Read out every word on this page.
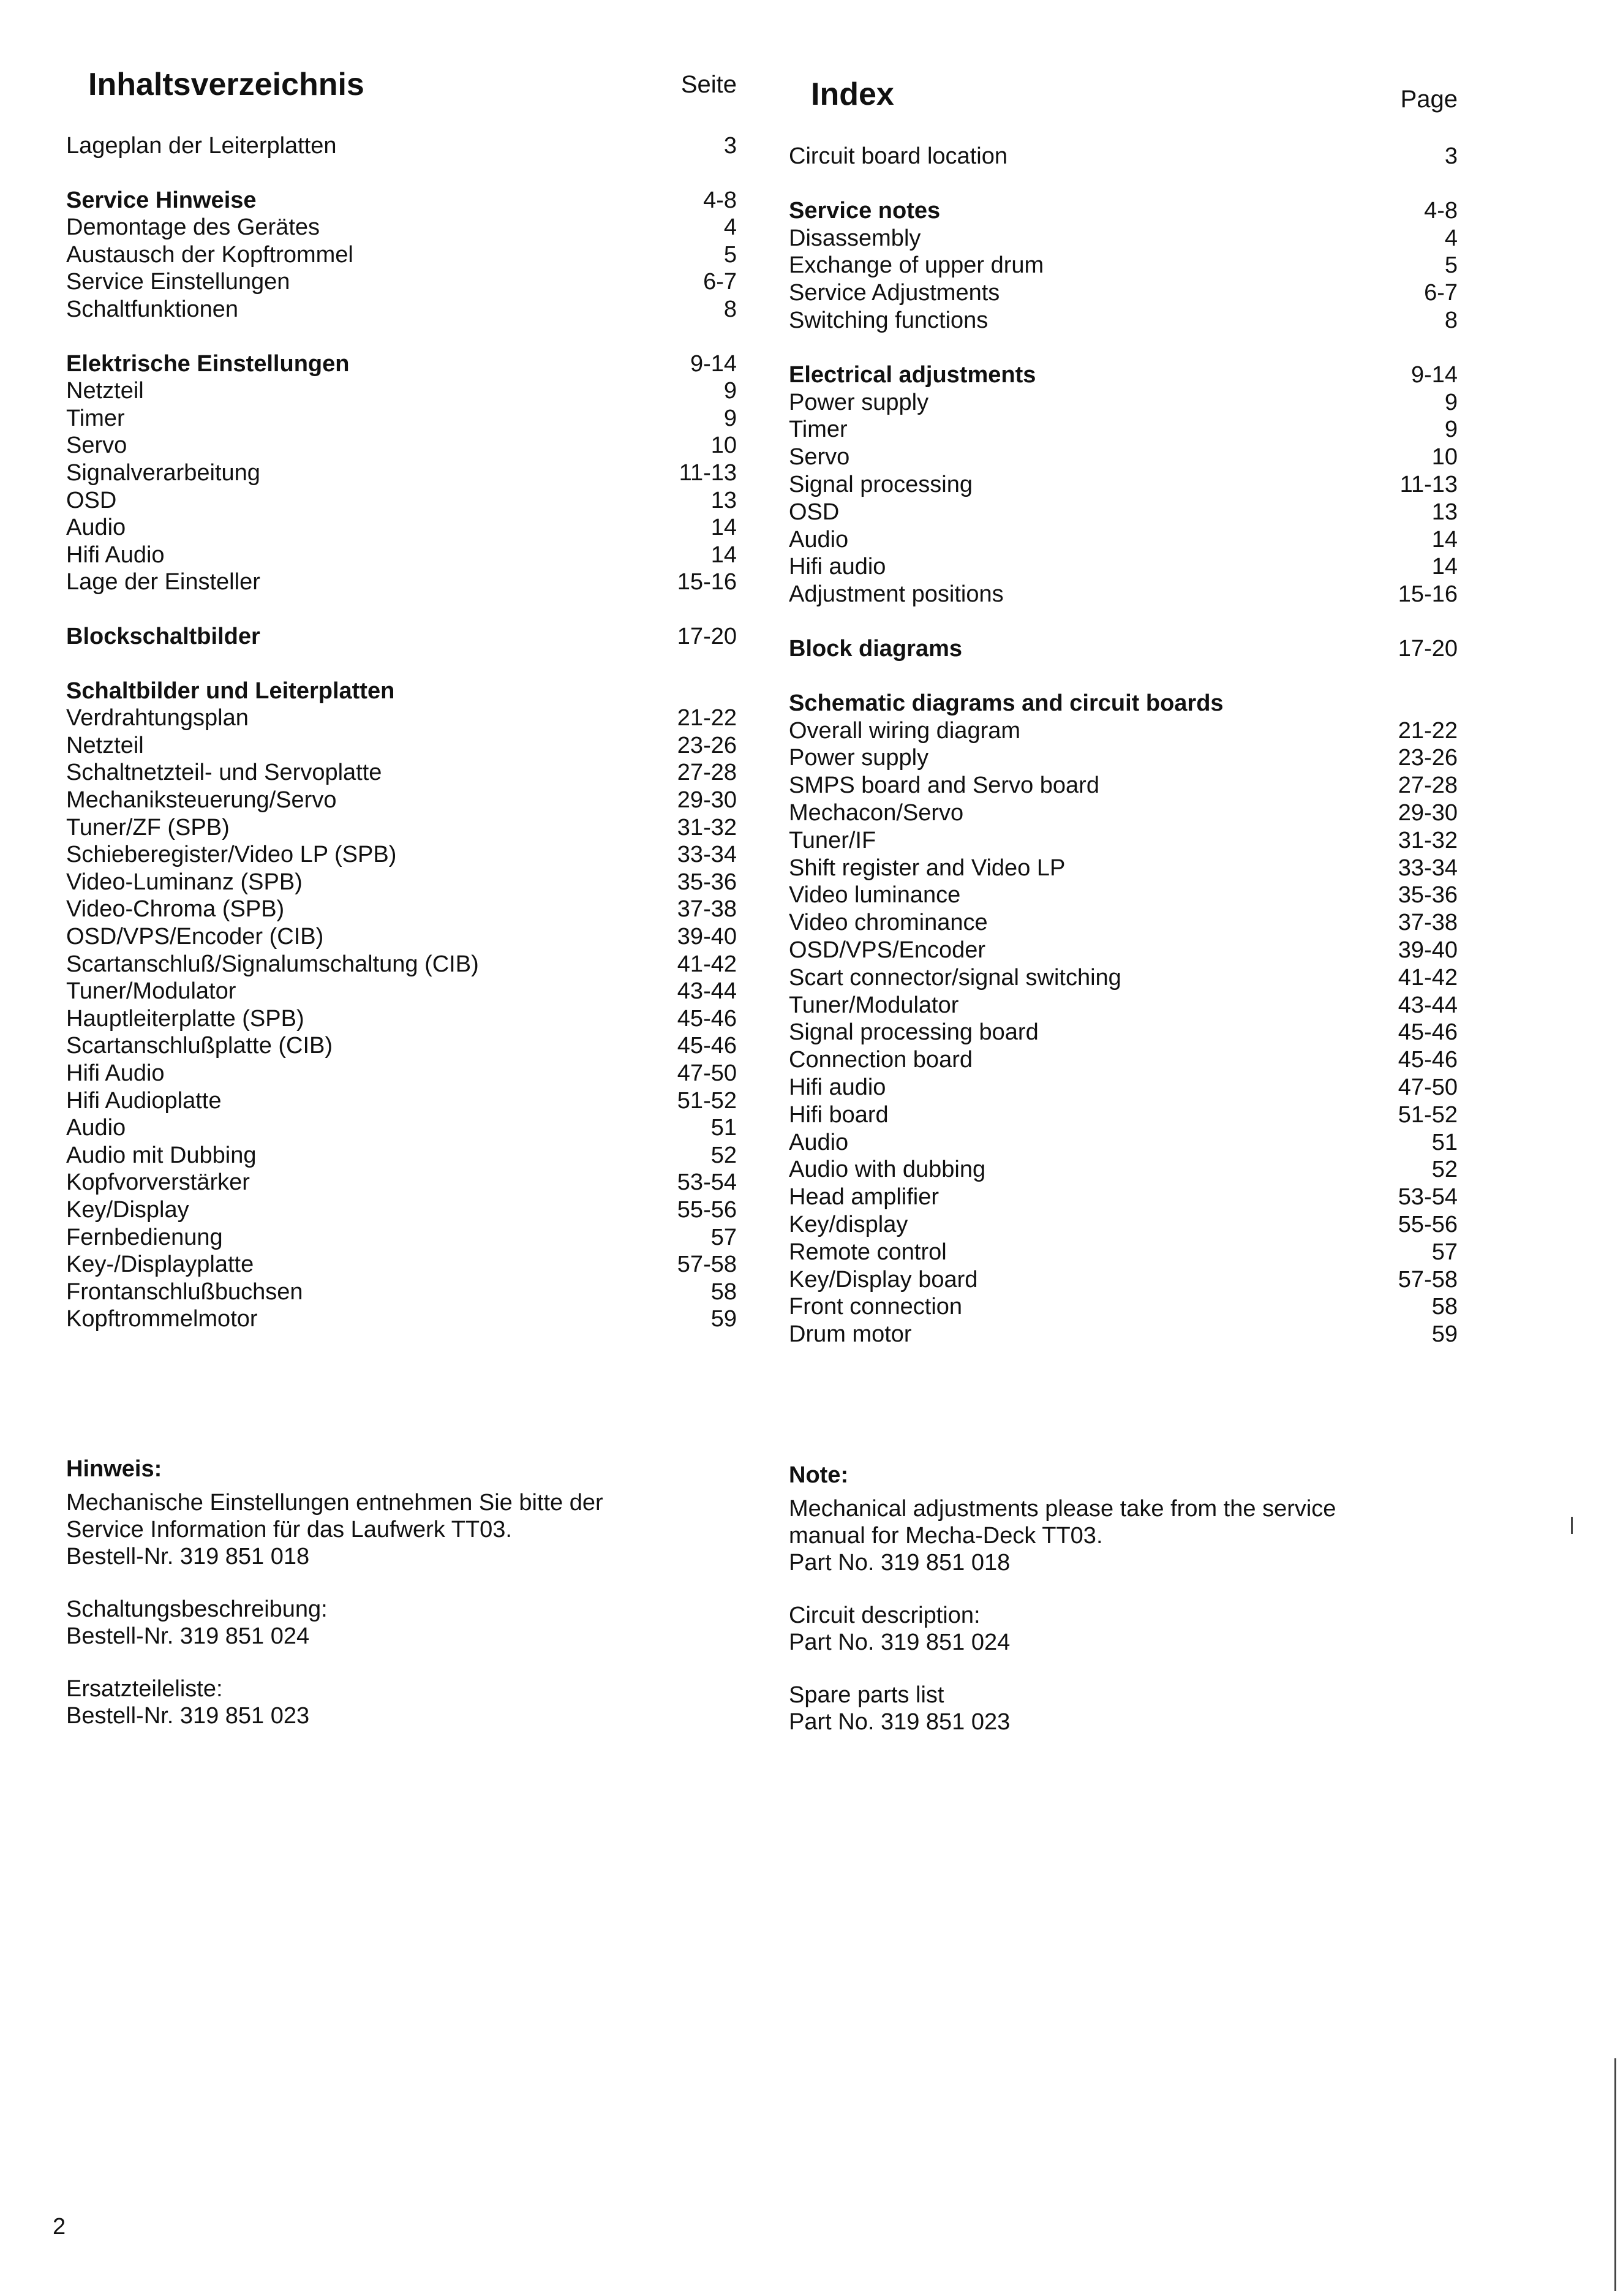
Inhaltsverzeichnis	Seite
Lageplan der Leiterplatten	3
Service Hinweise	4-8
Demontage des Gerätes	4
Austausch der Kopftrommel	5
Service Einstellungen	6-7
Schaltfunktionen	8
Elektrische Einstellungen	9-14
Netzteil	9
Timer	9
Servo	10
Signalverarbeitung	11-13
OSD	13
Audio	14
Hifi Audio	14
Lage der Einsteller	15-16
Blockschaltbilder	17-20
Schaltbilder und Leiterplatten
Verdrahtungsplan	21-22
Netzteil	23-26
Schaltnetzteil- und Servoplatte	27-28
Mechaniksteuerung/Servo	29-30
Tuner/ZF (SPB)	31-32
Schieberegister/Video LP (SPB)	33-34
Video-Luminanz (SPB)	35-36
Video-Chroma (SPB)	37-38
OSD/VPS/Encoder (CIB)	39-40
Scartanschluß/Signalumschaltung (CIB)	41-42
Tuner/Modulator	43-44
Hauptleiterplatte (SPB)	45-46
Scartanschlußplatte (CIB)	45-46
Hifi Audio	47-50
Hifi Audioplatte	51-52
Audio	51
Audio mit Dubbing	52
Kopfvorverstärker	53-54
Key/Display	55-56
Fernbedienung	57
Key-/Displayplatte	57-58
Frontanschlußbuchsen	58
Kopftrommelmotor	59
Hinweis:
Mechanische Einstellungen entnehmen Sie bitte der
Service Information für das Laufwerk TT03.
Bestell-Nr. 319 851 018
Schaltungsbeschreibung:
Bestell-Nr. 319 851 024
Ersatzteileliste:
Bestell-Nr. 319 851 023
Index	Page
Circuit board location	3
Service notes	4-8
Disassembly	4
Exchange of upper drum	5
Service Adjustments	6-7
Switching functions	8
Electrical adjustments	9-14
Power supply	9
Timer	9
Servo	10
Signal processing	11-13
OSD	13
Audio	14
Hifi audio	14
Adjustment positions	15-16
Block diagrams	17-20
Schematic diagrams and circuit boards
Overall wiring diagram	21-22
Power supply	23-26
SMPS board and Servo board	27-28
Mechacon/Servo	29-30
Tuner/IF	31-32
Shift register and Video LP	33-34
Video luminance	35-36
Video chrominance	37-38
OSD/VPS/Encoder	39-40
Scart connector/signal switching	41-42
Tuner/Modulator	43-44
Signal processing board	45-46
Connection board	45-46
Hifi audio	47-50
Hifi board	51-52
Audio	51
Audio with dubbing	52
Head amplifier	53-54
Key/display	55-56
Remote control	57
Key/Display board	57-58
Front connection	58
Drum motor	59
Note:
Mechanical adjustments please take from the service
manual for Mecha-Deck TT03.
Part No. 319 851 018
Circuit description:
Part No. 319 851 024
Spare parts list
Part No. 319 851 023
2
